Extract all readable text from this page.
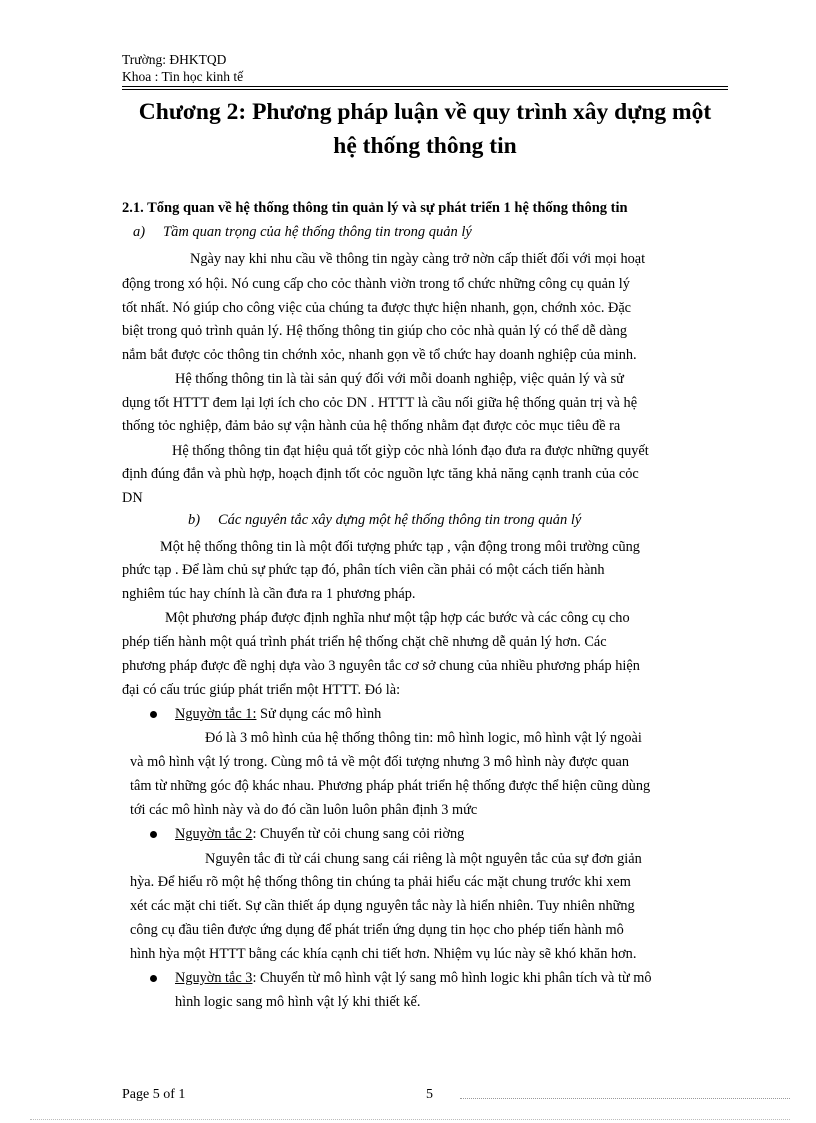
Trường: ĐHKTQD
Khoa : Tin học kinh tế
Chương 2: Phương pháp luận về quy trình xây dựng một
hệ thống thông tin
2.1. Tổng quan về hệ thống thông tin quản lý và sự phát triển 1 hệ thống thông tin
a) Tầm quan trọng của hệ thống thông tin trong quản lý
Ngày nay khi nhu cầu về thông tin ngày càng trở nờn cấp thiết đối với mọi hoạt
động trong xó hội. Nó cung cấp cho cỏc thành viờn trong tổ chức những công cụ quản lý
tốt nhất. Nó giúp cho công việc của chúng ta được thực hiện nhanh, gọn, chớnh xỏc. Đặc
biệt trong quỏ trình quản lý. Hệ thống thông tin giúp cho cỏc nhà quản lý có thể dễ dàng
nắm bắt được cỏc thông tin chớnh xỏc, nhanh gọn về tổ chức hay doanh nghiệp của minh.
Hệ thống thông tin là tài sản quý đối với mỗi doanh nghiệp, việc quản lý và sử
dụng tốt HTTT đem lại lợi ích cho cỏc DN . HTTT là cầu nối giữa hệ thống quản trị và hệ
thống tỏc nghiệp, đảm bảo sự vận hành của hệ thống nhằm đạt được cỏc mục tiêu đề ra
Hệ thống thông tin đạt hiệu quả tốt giỳp cỏc nhà lónh đạo đưa ra được những quyết
định đúng đắn và phù hợp, hoạch định tốt cỏc nguồn lực tăng khả năng cạnh tranh của cỏc
DN
b) Các nguyên tắc xây dựng một hệ thống thông tin trong quản lý
Một hệ thống thông tin là một đối tượng phức tạp , vận động trong môi trường cũng
phức tạp . Để làm chủ sự phức tạp đó, phân tích viên cần phải có một cách tiến hành
nghiêm túc hay chính là cần đưa ra 1 phương pháp.
Một phương pháp được định nghĩa như một tập hợp các bước và các công cụ cho
phép tiến hành một quá trình phát triển hệ thống chặt chẽ nhưng dễ quản lý hơn. Các
phương pháp được đề nghị dựa vào 3 nguyên tắc cơ sở chung của nhiều phương pháp hiện
đại có cấu trúc giúp phát triển một HTTT. Đó là:
Nguyờn tắc 1: Sử dụng các mô hình
Đó là 3 mô hình của hệ thống thông tin: mô hình logic, mô hình vật lý ngoài
và mô hình vật lý trong. Cùng mô tả về một đối tượng nhưng 3 mô hình này được quan
tâm từ những góc độ khác nhau. Phương pháp phát triển hệ thống được thể hiện cũng dùng
tới các mô hình này và do đó cần luôn luôn phân định 3 mức
Nguyờn tắc 2: Chuyển từ cỏi chung sang cỏi riờng
Nguyên tắc đi từ cái chung sang cái riêng là một nguyên tắc của sự đơn giản
hỳa. Để hiểu rõ một hệ thống thông tin chúng ta phải hiểu các mặt chung trước khi xem
xét các mặt chi tiết. Sự cần thiết áp dụng nguyên tắc này là hiển nhiên. Tuy nhiên những
công cụ đầu tiên được ứng dụng để phát triển ứng dụng tin học cho phép tiến hành mô
hình hỳa một HTTT bằng các khía cạnh chi tiết hơn. Nhiệm vụ lúc này sẽ khó khăn hơn.
Nguyờn tắc 3: Chuyển từ mô hình vật lý sang mô hình logic khi phân tích và từ mô
hình logic sang mô hình vật lý khi thiết kế.
Page 5 of 1	5
